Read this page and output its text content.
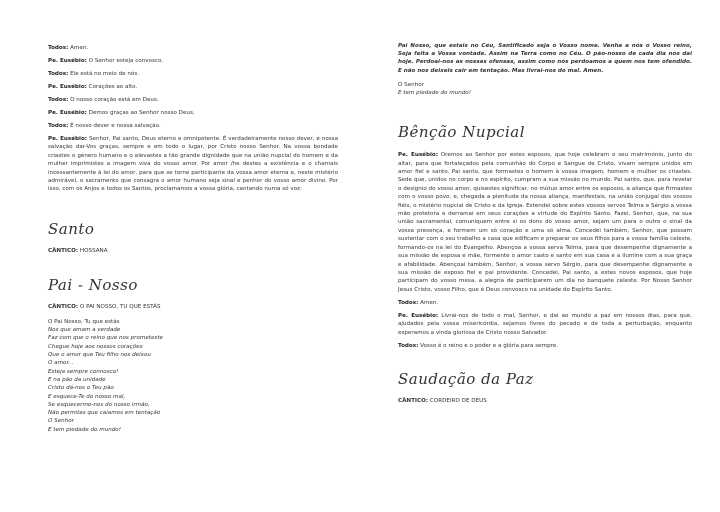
Todos: Amen.

Pe. Eusébio: O Senhor esteja convosco.

Todos: Ele está no meio de nós.

Pe. Eusébio: Corações ao alto.

Todos: O nosso coração está em Deus.

Pe. Eusébio: Demos graças ao Senhor nosso Deus.

Todos: É nosso dever e nossa salvação.

Pe. Eusébio: Senhor, Pai santo, Deus eterno e omnipotente. É verdadeiramente nosso dever, é nossa salvação dar-Vos graças, sempre e em todo o lugar, por Cristo nosso Senhor. Na vossa bondade criastes o género humano e o elevastes a tão grande dignidade que na união nupcial do homem e da mulher imprimistes a imagem viva do vosso amor. Por amor /he destes a existência e o chamais incessantemente à lei do amor, para que se torne participante da vossa amor eterna e, neste mistério admirável, o sacramento que consagra o amor humano seja sinal e penhor do vosso amor divino. Por isso, com os Anjos e todos os Santos, proclamamos a vossa glória, cantando numa só voz:

Santo

CÂNTICO: HOSSANA

Pai - Nosso

CÂNTICO: O PAI NOSSO, TU QUE ESTÁS

O Pai Nosso, Tu que estás
Nos que amam a verdade
Faz com que o reino que nos prometeste
Chegue hoje aos nossos corações
Que o amor que Teu filho nos deixou
O amor...
Esteja sempre connosco!
E na pão da unidade
Cristo dá-nos o Teu pão
E esquece-Te do nosso mal,
Se esquecermo-nos do nosso irmão,
Não permitas que caiamos em tentação
O Senhor
E tem piedade do mundo!

Pai Nosso, que estais no Céu, Santificado seja o Vosso nome. Venha a nós o Vosso reino, Seja feita a Vossa vontade. Assim na Terra como no Céu. O pão-nosso de cada dia nos dai hoje. Perdoai-nos as nossas ofensas, assim como nós perdoamos a quem nos tem ofendido. E não nos deixeis cair em tentação. Mas livrai-nos do mal. Amen.

O Senhor

E tem piedade do mundo!

Bênção Nupcial

Pe. Eusébio: Oremos ao Senhor por estes esposos, que hoje celebram o seu matrimónio, junto do altar, para que fortaleçados pela comunhão do Corpo e Sangue de Cristo, vivam sempre unidos em amor fiel e santo. Pai santo, que formastes o homem à vossa imagem, homem e mulher os criastes. Sede que, unidos no corpo e no espírito, cumpram a sua missão no mundo. Pai santo, que, para revelar o desígnio do vosso amor, quisestes significar, no mútuo amor entre os esposos, a aliança que firmastes com o vosso povo, e, chegada a plenitude da nossa aliança, manifestais, na união conjugal dos vossos fiéis, o mistério nupcial de Cristo e da Igreja. Estendei sobre estes vossos servos Telma e Sérgio a vossa mão protetora e derramai em seus corações a virtude do Espírito Santo. Fazei, Senhor, que, na sua união sacramental, comuniquem entre si os dons do vosso amor, sejam um para o outro o sinal da vossa presença, e formem um só coração e uma só alma. Concedei também, Senhor, que possam sustentar com o seu trabalho a casa que edificam e preparar os seus filhos para a vossa família celeste, formando-os na lei do Evangelho. Abençoa a vossa serva Telma, para que desempenhe dignamente a sua missão de esposa e mãe, formente o amor casto e santo em sua casa e a ilumine com a sua graça e afabilidade. Abençoai também, Senhor, a vossa servo Sérgio, para que desempenhe dignamente a sua missão de esposo fiel e pai providente. Concedei, Pai santo, a estes novos esposos, que hoje participam do vosso mesa, a alegria de participarem um dia no banquete celeste. Por Nosso Senhor Jesus Cristo, vosso Filho, que é Deus convosco na unidade do Espírito Santo.

Todos: Amen.

Pe. Eusébio: Livrai-nos de todo o mal, Senhor, e dai ao mundo a paz em nossos dias, para que, ajudados pela vossa misericórdia, sejamos livres do pecado e de toda a perturbação, enquanto esperamos a vinda gloriosa de Cristo nosso Salvador.

Todos: Vosso é o reino e o poder e a glória para sempre.

Saudação da Paz

CÂNTICO: CORDEIRO DE DEUS
